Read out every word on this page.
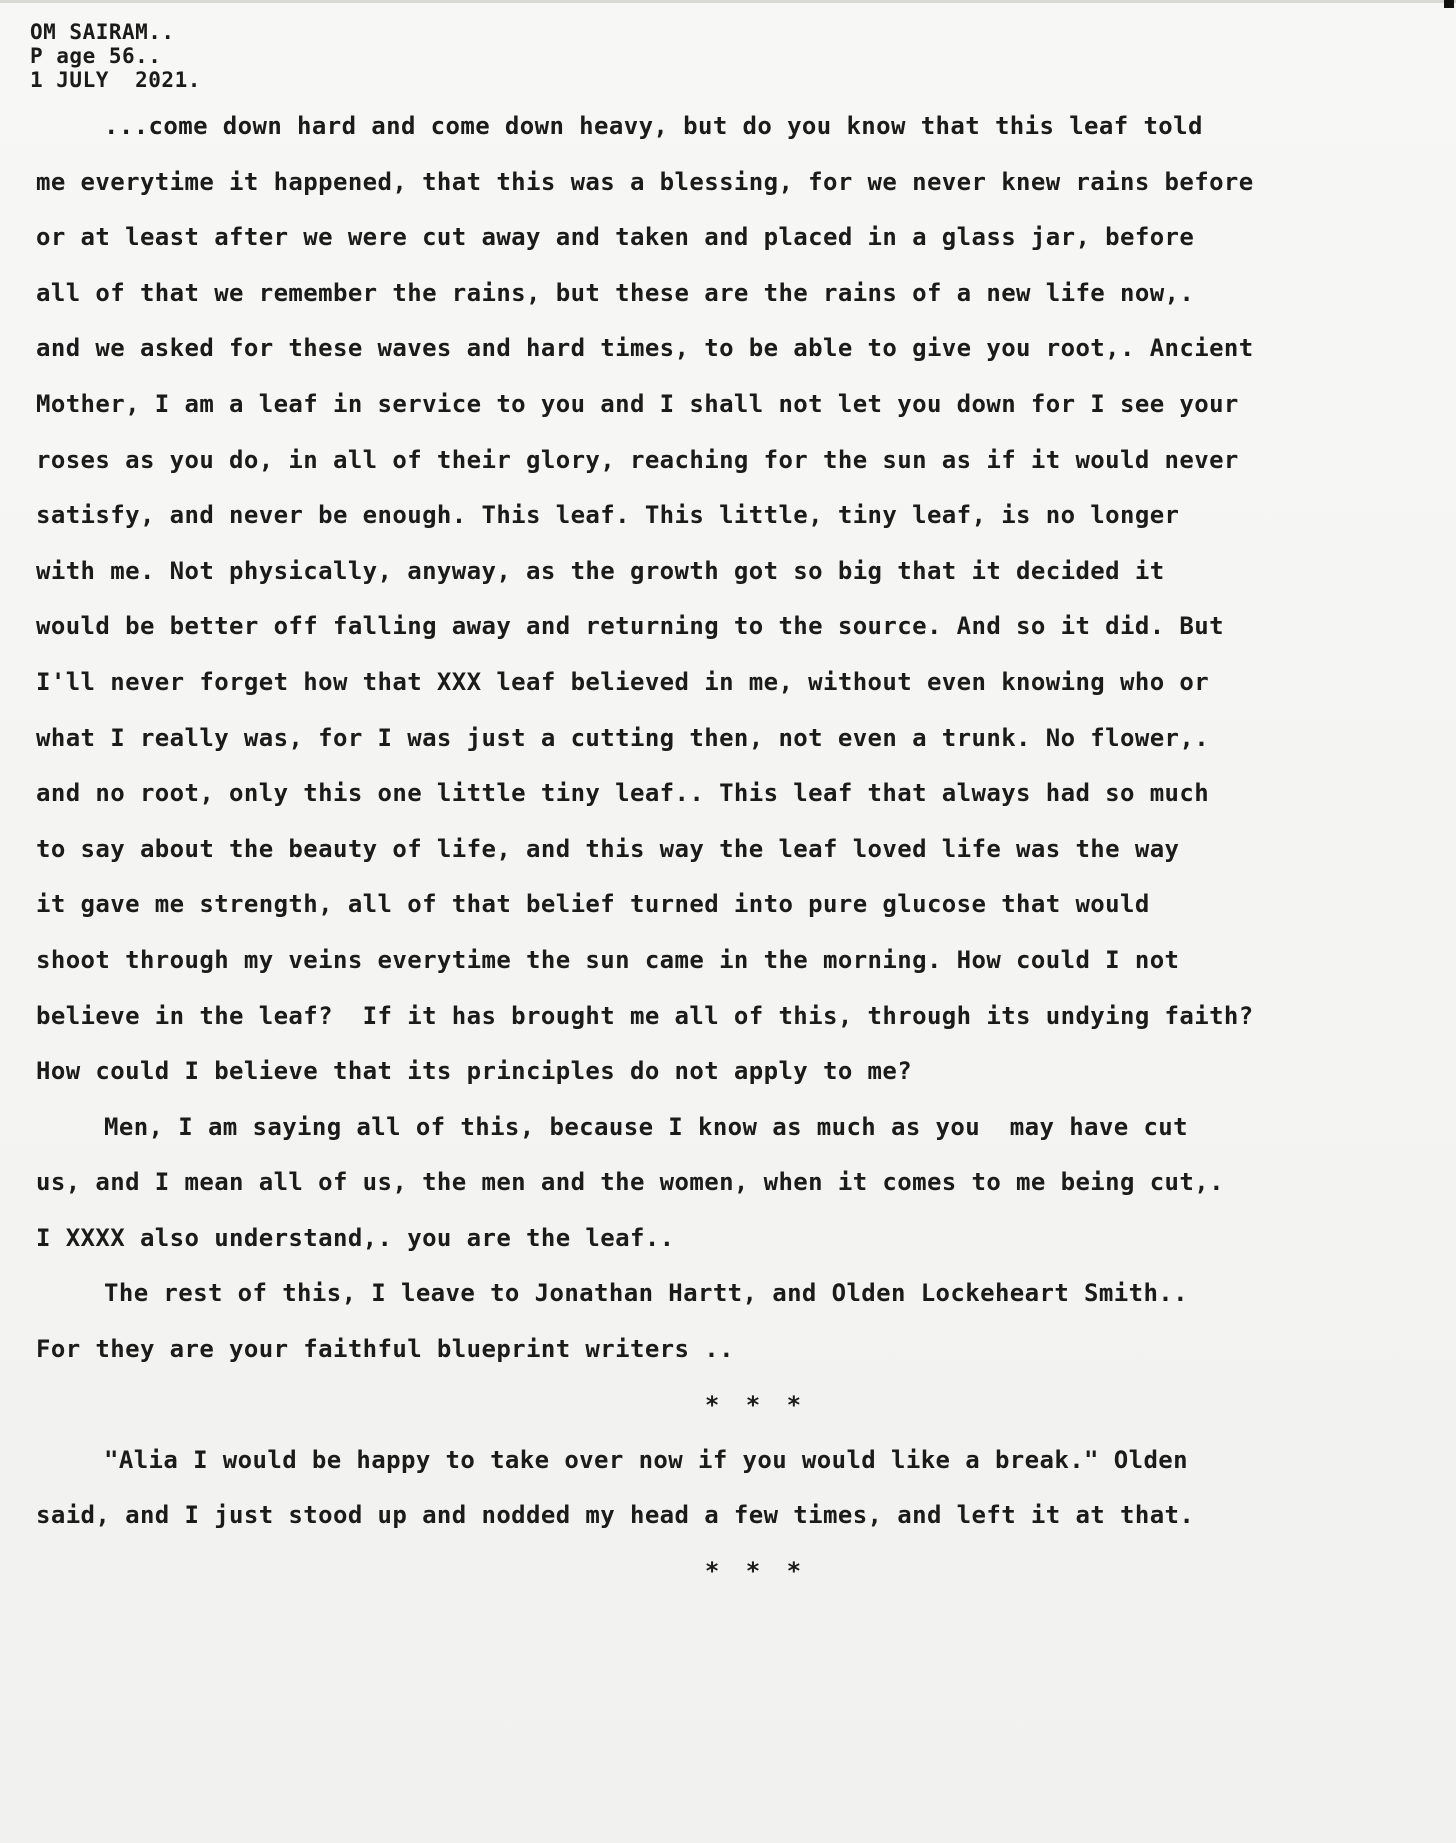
OM SAIRAM..
P age 56..
1 JULY  2021.
...come down hard and come down heavy, but do you know that this leaf told
me everytime it happened, that this was a blessing, for we never knew rains before
or at least after we were cut away and taken and placed in a glass jar, before
all of that we remember the rains, but these are the rains of a new life now,.
and we asked for these waves and hard times, to be able to give you root,. Ancient
Mother, I am a leaf in service to you and I shall not let you down for I see your
roses as you do, in all of their glory, reaching for the sun as if it would never
satisfy, and never be enough. This leaf. This little, tiny leaf, is no longer
with me. Not physically, anyway, as the growth got so big that it decided it
would be better off falling away and returning to the source. And so it did. But
I'll never forget how that XXX leaf believed in me, without even knowing who or
what I really was, for I was just a cutting then, not even a trunk. No flower,.
and no root, only this one little tiny leaf.. This leaf that always had so much
to say about the beauty of life, and this way the leaf loved life was the way
it gave me strength, all of that belief turned into pure glucose that would
shoot through my veins everytime the sun came in the morning. How could I not
believe in the leaf?  If it has brought me all of this, through its undying faith?
How could I believe that its principles do not apply to me?
Men, I am saying all of this, because I know as much as you  may have cut
us, and I mean all of us, the men and the women, when it comes to me being cut,.
I XXXX also understand,. you are the leaf..
The rest of this, I leave to Jonathan Hartt, and Olden Lockeheart Smith..
For they are your faithful blueprint writers ..
* * *
"Alia I would be happy to take over now if you would like a break." Olden
said, and I just stood up and nodded my head a few times, and left it at that.
* * *
